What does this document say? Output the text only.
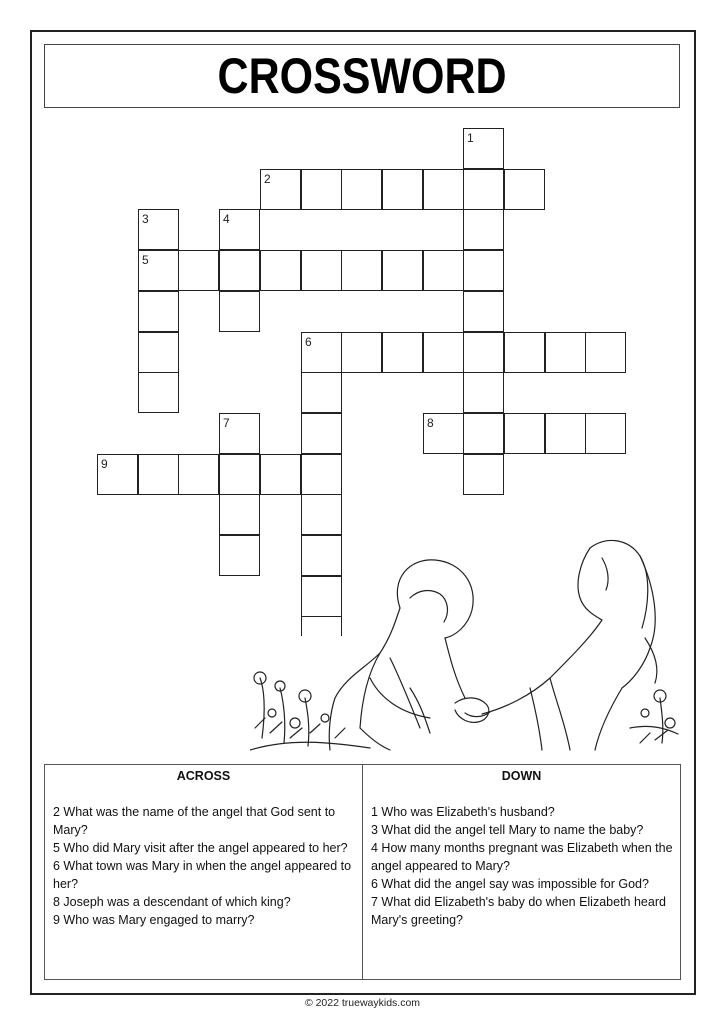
CROSSWORD
1
2
3	4
5
6
7	8
9
ACROSS

2 What was the name of the angel that God sent to Mary?

5 Who did Mary visit after the angel appeared to her?

6 What town was Mary in when the angel appeared to her?

8 Joseph was a descendant of which king?

9 Who was Mary engaged to marry?

DOWN

1 Who was Elizabeth's husband?

3 What did the angel tell Mary to name the baby?

4 How many months pregnant was Elizabeth when the angel appeared to Mary?

6 What did the angel say was impossible for God?

7 What did Elizabeth's baby do when Elizabeth heard Mary's greeting?

© 2022 truewaykids.com
